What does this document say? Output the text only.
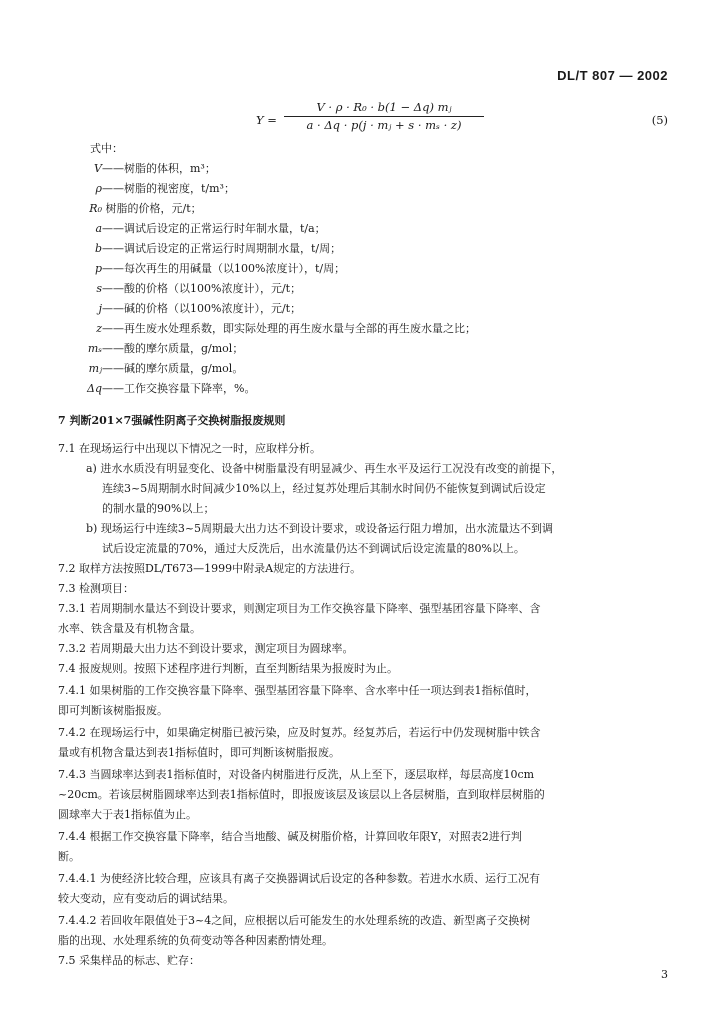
DL/T 807 — 2002
Y =
V · ρ · R₀ · b(1 − Δq) mⱼ
a · Δq · p(j · mⱼ + s · mₛ · z)	(5)
式中：
V——树脂的体积，m³；
ρ——树脂的视密度，t/m³；
R₀ 树脂的价格，元/t；
a——调试后设定的正常运行时年制水量，t/a；
b——调试后设定的正常运行时周期制水量，t/周；
p——每次再生的用碱量（以100%浓度计），t/周；
s——酸的价格（以100%浓度计），元/t；
j——碱的价格（以100%浓度计），元/t；
z——再生废水处理系数，即实际处理的再生废水量与全部的再生废水量之比；
mₛ——酸的摩尔质量，g/mol；
mⱼ——碱的摩尔质量，g/mol。
Δq——工作交换容量下降率，%。
7 判断201×7强碱性阴离子交换树脂报废规则
7.1 在现场运行中出现以下情况之一时，应取样分析。
a) 进水水质没有明显变化、设备中树脂量没有明显减少、再生水平及运行工况没有改变的前提下，
连续3~5周期制水时间减少10%以上，经过复苏处理后其制水时间仍不能恢复到调试后设定
的制水量的90%以上；
b) 现场运行中连续3~5周期最大出力达不到设计要求，或设备运行阻力增加，出水流量达不到调
试后设定流量的70%，通过大反洗后，出水流量仍达不到调试后设定流量的80%以上。
7.2 取样方法按照DL/T673—1999中附录A规定的方法进行。
7.3 检测项目：
7.3.1 若周期制水量达不到设计要求，则测定项目为工作交换容量下降率、强型基团容量下降率、含
水率、铁含量及有机物含量。
7.3.2 若周期最大出力达不到设计要求，测定项目为圆球率。
7.4 报废规则。按照下述程序进行判断，直至判断结果为报废时为止。
7.4.1 如果树脂的工作交换容量下降率、强型基团容量下降率、含水率中任一项达到表1指标值时，
即可判断该树脂报废。
7.4.2 在现场运行中，如果确定树脂已被污染，应及时复苏。经复苏后，若运行中仍发现树脂中铁含
量或有机物含量达到表1指标值时，即可判断该树脂报废。
7.4.3 当圆球率达到表1指标值时，对设备内树脂进行反洗，从上至下，逐层取样，每层高度10cm
~20cm。若该层树脂圆球率达到表1指标值时，即报废该层及该层以上各层树脂，直到取样层树脂的
圆球率大于表1指标值为止。
7.4.4 根据工作交换容量下降率，结合当地酸、碱及树脂价格，计算回收年限Y，对照表2进行判
断。
7.4.4.1 为使经济比较合理，应该具有离子交换器调试后设定的各种参数。若进水水质、运行工况有
较大变动，应有变动后的调试结果。
7.4.4.2 若回收年限值处于3~4之间，应根据以后可能发生的水处理系统的改造、新型离子交换树
脂的出现、水处理系统的负荷变动等各种因素酌情处理。
7.5 采集样品的标志、贮存：
3
